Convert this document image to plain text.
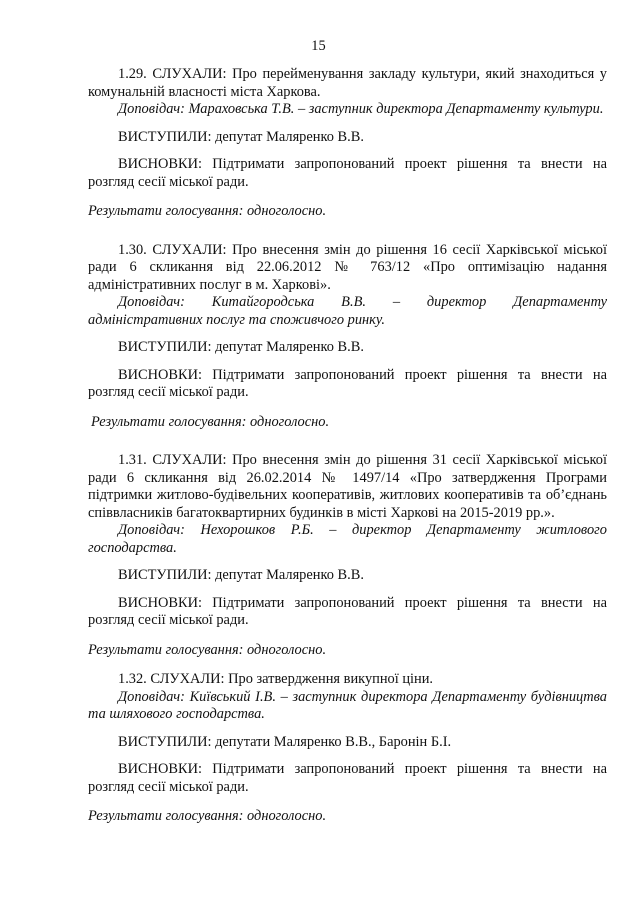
15

1.29. СЛУХАЛИ: Про перейменування закладу культури, який знаходиться у комунальній власності міста Харкова.

Доповідач: Мараховська Т.В. – заступник директора Департаменту культури.

ВИСТУПИЛИ: депутат Маляренко В.В.

ВИСНОВКИ: Підтримати запропонований проект рішення та внести на розгляд сесії міської ради.

Результати голосування: одноголосно.

1.30. СЛУХАЛИ: Про внесення змін до рішення 16 сесії Харківської міської ради 6 скликання від 22.06.2012 № 763/12 «Про оптимізацію надання адміністративних послуг в м. Харкові».

Доповідач: Китайгородська В.В. – директор Департаменту адміністративних послуг та споживчого ринку.

ВИСТУПИЛИ: депутат Маляренко В.В.

ВИСНОВКИ: Підтримати запропонований проект рішення та внести на розгляд сесії міської ради.

Результати голосування: одноголосно.

1.31. СЛУХАЛИ: Про внесення змін до рішення 31 сесії Харківської міської ради 6 скликання від 26.02.2014 № 1497/14 «Про затвердження Програми підтримки житлово-будівельних кооперативів, житлових кооперативів та об’єднань співвласників багатоквартирних будинків в місті Харкові на 2015-2019 рр.».

Доповідач: Нехорошков Р.Б. – директор Департаменту житлового господарства.

ВИСТУПИЛИ: депутат Маляренко В.В.

ВИСНОВКИ: Підтримати запропонований проект рішення та внести на розгляд сесії міської ради.

Результати голосування: одноголосно.

1.32. СЛУХАЛИ: Про затвердження викупної ціни.

Доповідач: Київський І.В. – заступник директора Департаменту будівництва та шляхового господарства.

ВИСТУПИЛИ: депутати Маляренко В.В., Баронін Б.І.

ВИСНОВКИ: Підтримати запропонований проект рішення та внести на розгляд сесії міської ради.

Результати голосування: одноголосно.
